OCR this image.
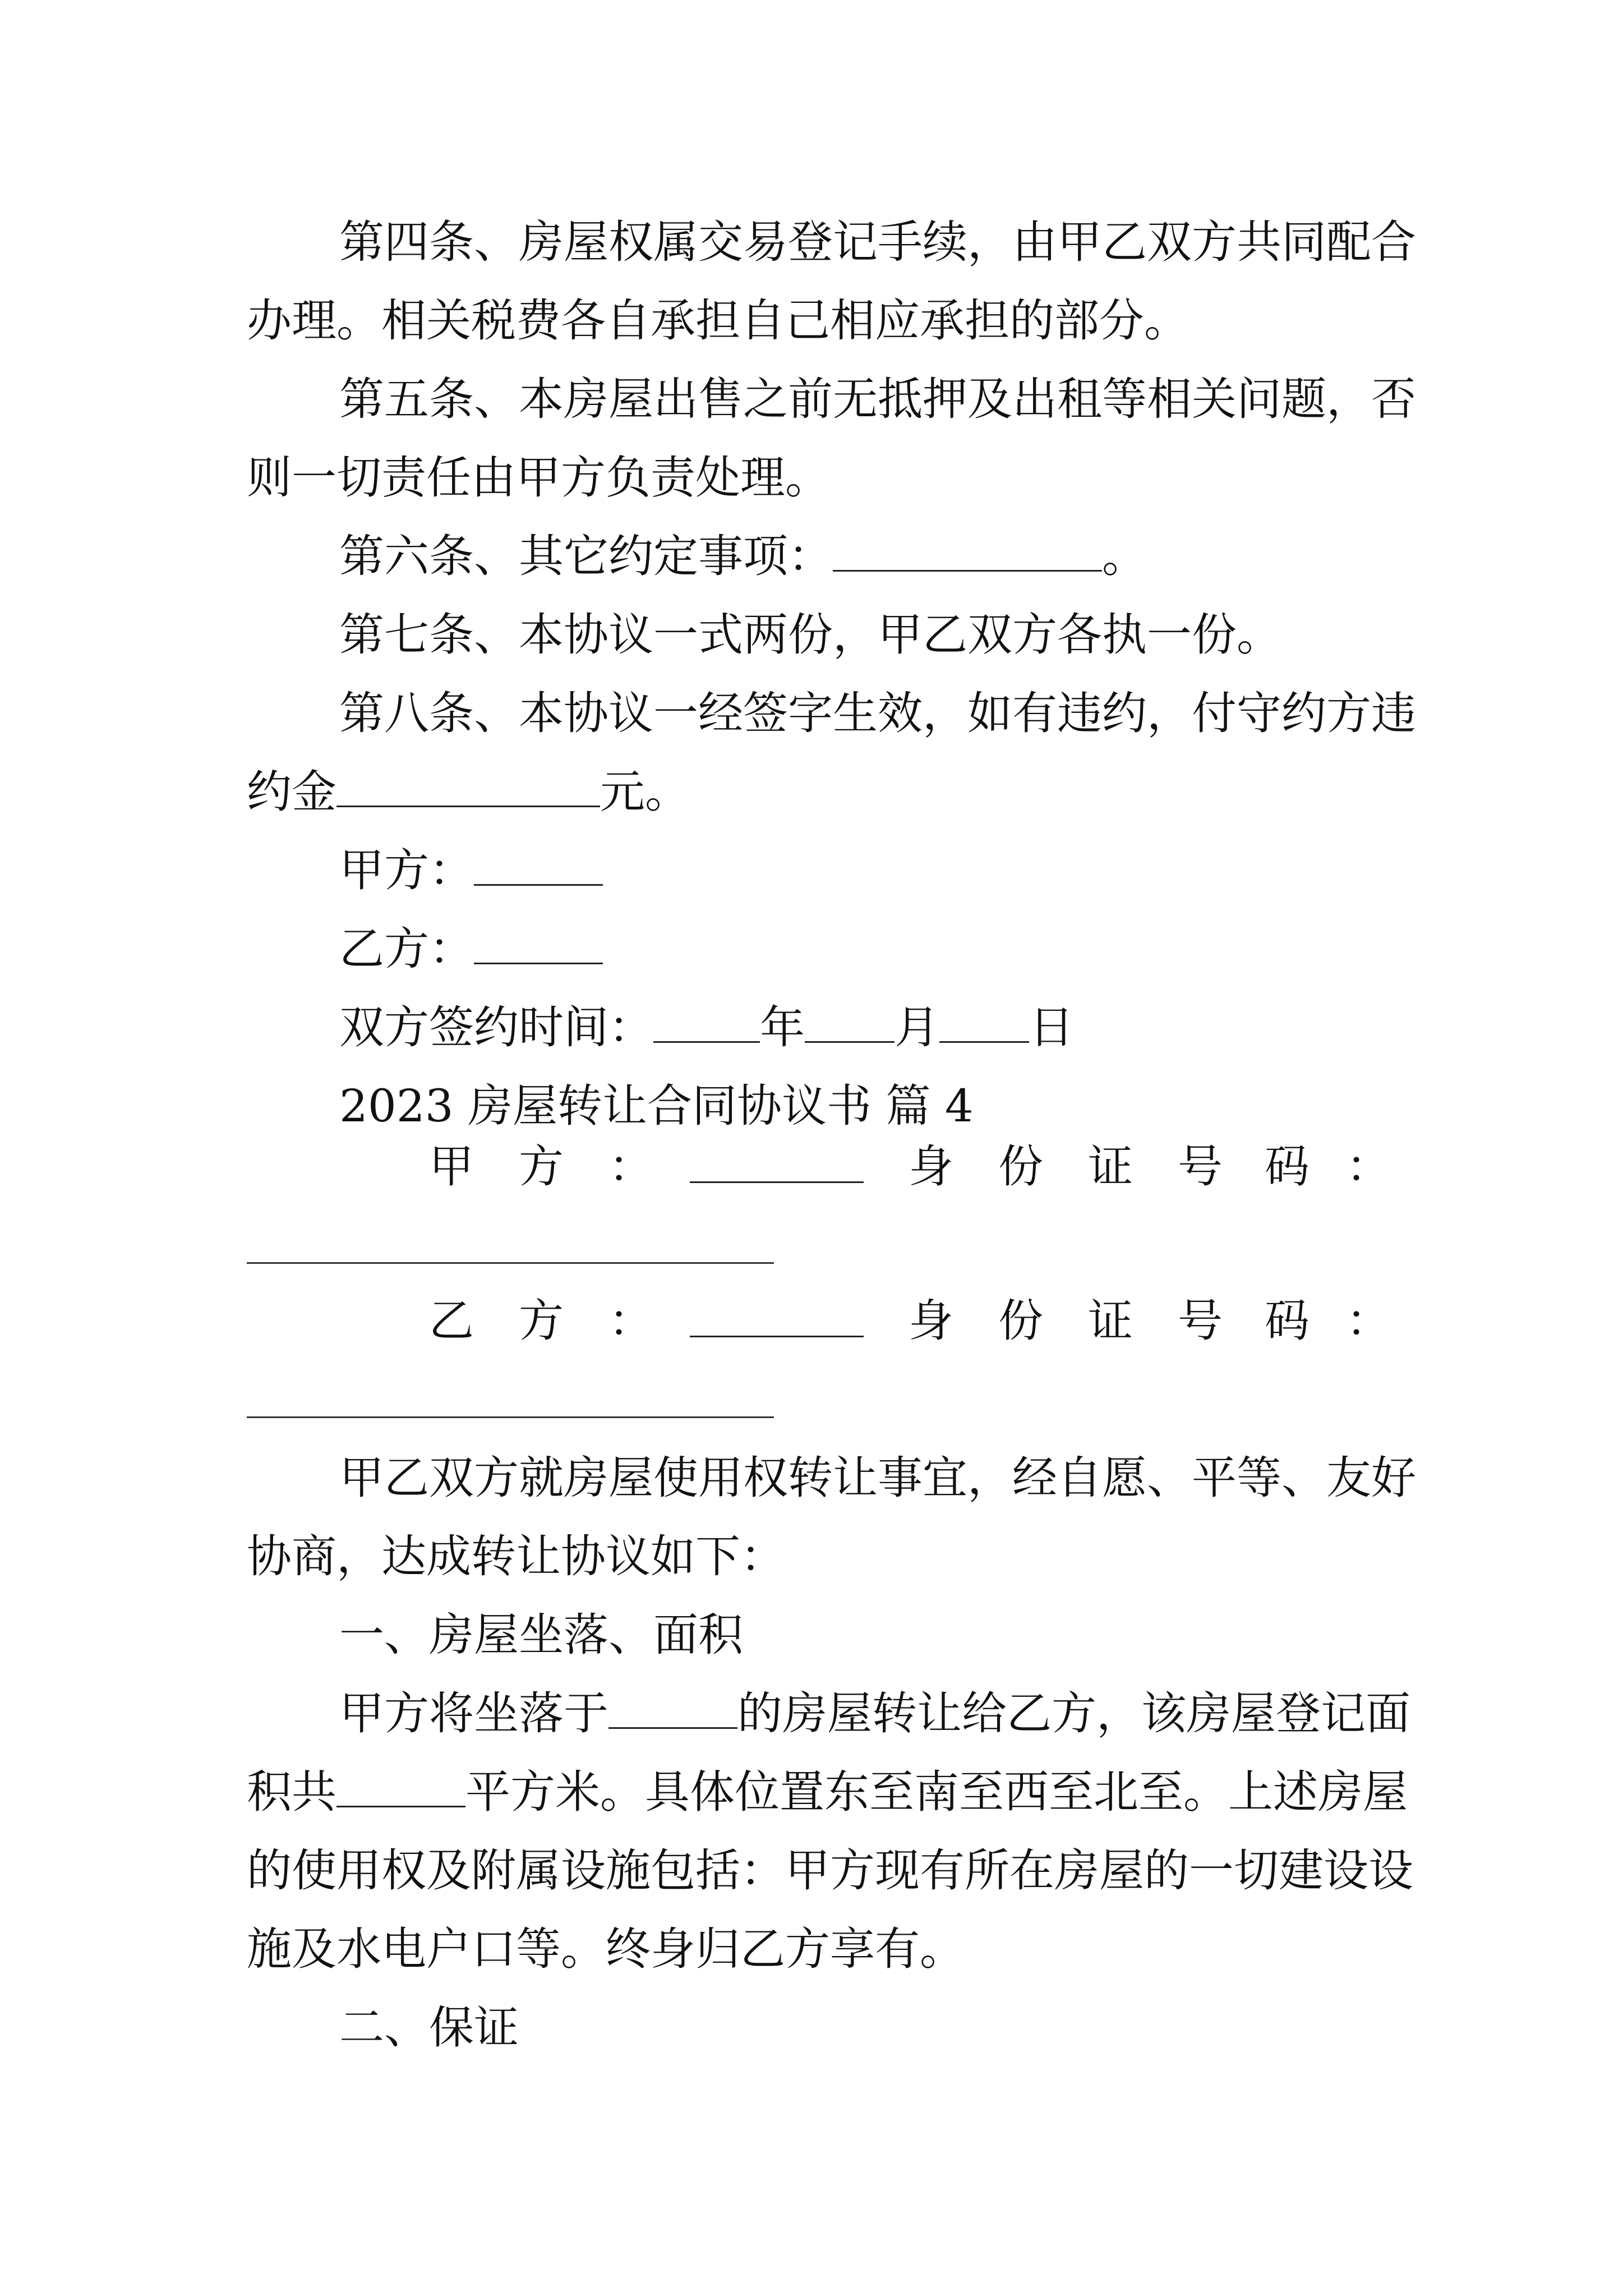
第四条、房屋权属交易登记手续，由甲乙双方共同配合
办理。相关税费各自承担自己相应承担的部分。
第五条、本房屋出售之前无抵押及出租等相关问题，否
则一切责任由甲方负责处理。
第六条、其它约定事项：	。
第七条、本协议一式两份，甲乙双方各执一份。
第八条、本协议一经签字生效，如有违约，付守约方违
约金	元。
甲方：
乙方：
双方签约时间： 年 月 日
2023 房屋转让合同协议书 篇 4
甲 方 ：	身 份 证 号 码 ：
乙 方 ：	身 份 证 号 码 ：
甲乙双方就房屋使用权转让事宜，经自愿、平等、友好
协商，达成转让协议如下：
一、房屋坐落、面积
甲方将坐落于	的房屋转让给乙方，该房屋登记面
积共	平方米。具体位置东至南至西至北至。上述房屋
的使用权及附属设施包括：甲方现有所在房屋的一切建设设
施及水电户口等。终身归乙方享有。
二、保证
